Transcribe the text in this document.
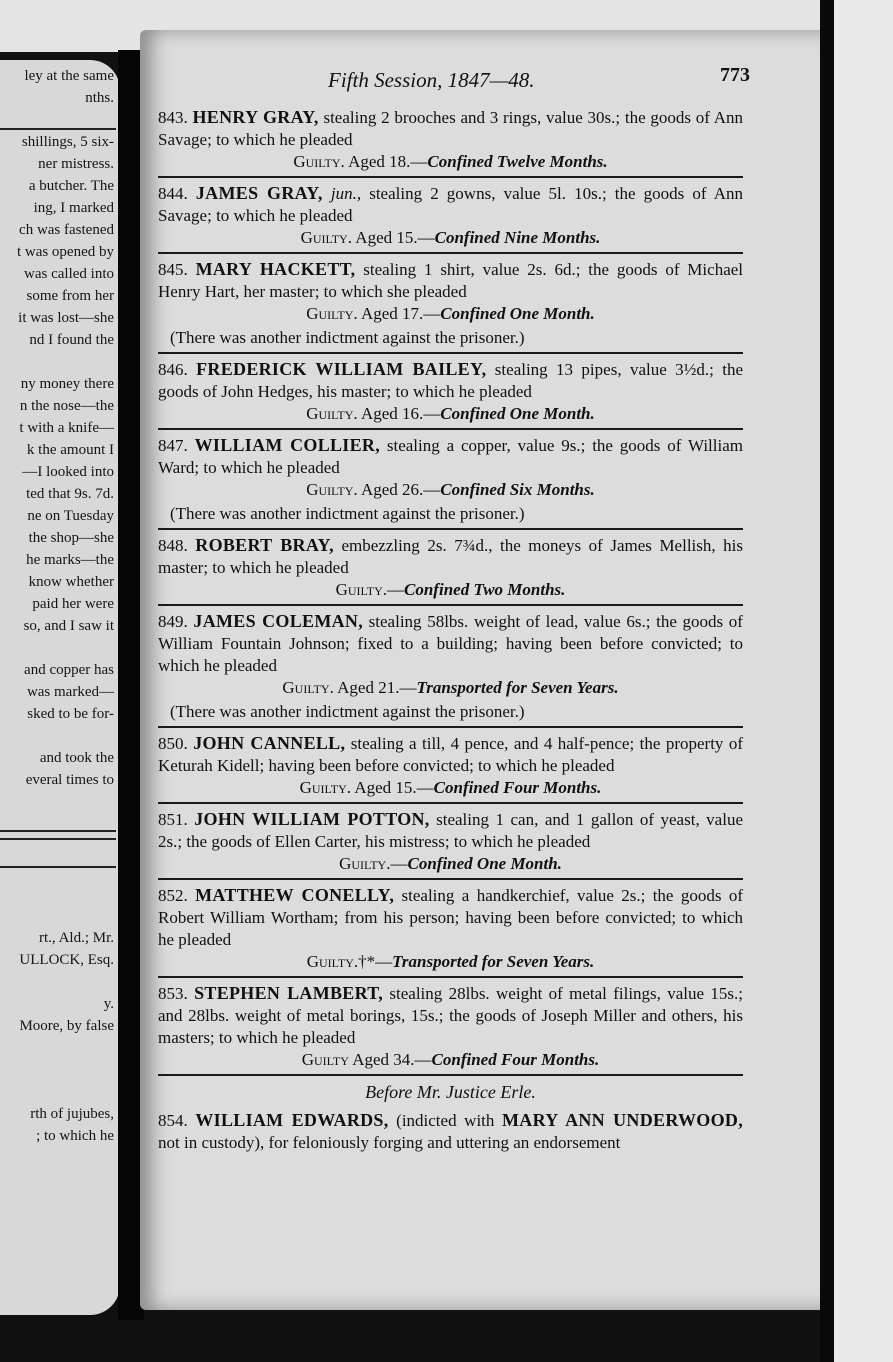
ley at the same
nths.
shillings, 5 six-
ner mistress.
a butcher. The
ing, I marked
ch was fastened
t was opened by
was called into
some from her
it was lost—she
nd I found the
ny money there
n the nose—the
t with a knife—
k the amount I
—I looked into
ted that 9s. 7d.
ne on Tuesday
the shop—she
he marks—the
know whether
paid her were
so, and I saw it
and copper has
was marked—
sked to be for-
and took the
everal times to
rt., Ald.; Mr.
ULLOCK, Esq.
y.
Moore, by false
rth of jujubes,
; to which he
Fifth Session, 1847—48.	773

843. HENRY GRAY, stealing 2 brooches and 3 rings, value 30s.; the goods of Ann Savage; to which he pleaded

Guilty. Aged 18.—Confined Twelve Months.

844. JAMES GRAY, jun., stealing 2 gowns, value 5l. 10s.; the goods of Ann Savage; to which he pleaded

Guilty. Aged 15.—Confined Nine Months.

845. MARY HACKETT, stealing 1 shirt, value 2s. 6d.; the goods of Michael Henry Hart, her master; to which she pleaded

Guilty. Aged 17.—Confined One Month.

(There was another indictment against the prisoner.)

846. FREDERICK WILLIAM BAILEY, stealing 13 pipes, value 3½d.; the goods of John Hedges, his master; to which he pleaded

Guilty. Aged 16.—Confined One Month.

847. WILLIAM COLLIER, stealing a copper, value 9s.; the goods of William Ward; to which he pleaded

Guilty. Aged 26.—Confined Six Months.

(There was another indictment against the prisoner.)

848. ROBERT BRAY, embezzling 2s. 7¾d., the moneys of James Mellish, his master; to which he pleaded

Guilty.—Confined Two Months.

849. JAMES COLEMAN, stealing 58lbs. weight of lead, value 6s.; the goods of William Fountain Johnson; fixed to a building; having been before convicted; to which he pleaded

Guilty. Aged 21.—Transported for Seven Years.

(There was another indictment against the prisoner.)

850. JOHN CANNELL, stealing a till, 4 pence, and 4 half-pence; the property of Keturah Kidell; having been before convicted; to which he pleaded

Guilty. Aged 15.—Confined Four Months.

851. JOHN WILLIAM POTTON, stealing 1 can, and 1 gallon of yeast, value 2s.; the goods of Ellen Carter, his mistress; to which he pleaded

Guilty.—Confined One Month.

852. MATTHEW CONELLY, stealing a handkerchief, value 2s.; the goods of Robert William Wortham; from his person; having been before convicted; to which he pleaded

Guilty.†*—Transported for Seven Years.

853. STEPHEN LAMBERT, stealing 28lbs. weight of metal filings, value 15s.; and 28lbs. weight of metal borings, 15s.; the goods of Joseph Miller and others, his masters; to which he pleaded

Guilty Aged 34.—Confined Four Months.

Before Mr. Justice Erle.

854. WILLIAM EDWARDS, (indicted with MARY ANN UNDERWOOD, not in custody), for feloniously forging and uttering an endorsement
